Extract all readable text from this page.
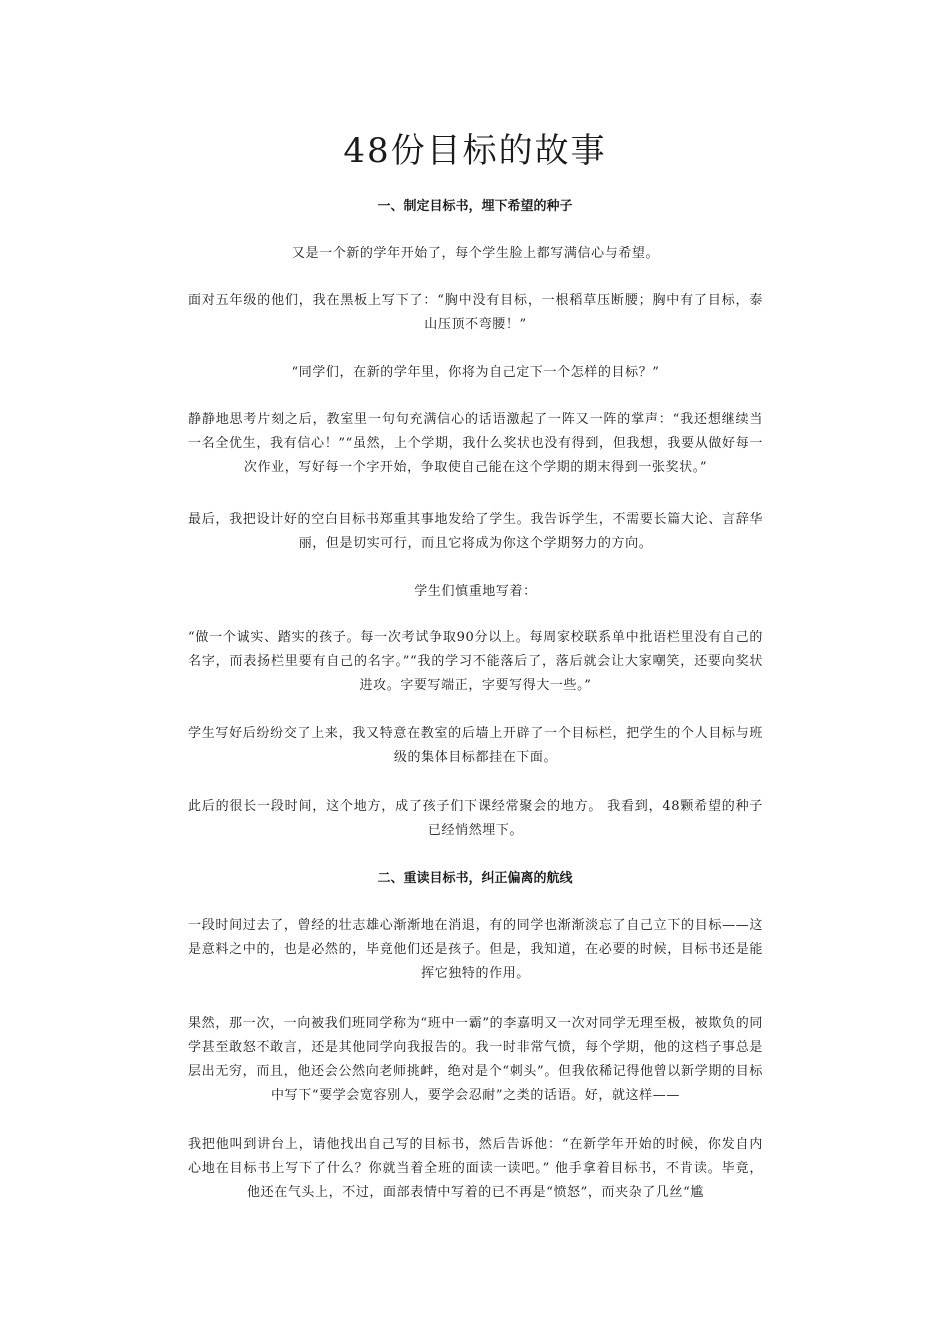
48份目标的故事
一、制定目标书，埋下希望的种子

又是一个新的学年开始了，每个学生脸上都写满信心与希望。

面对五年级的他们，我在黑板上写下了：“胸中没有目标，一根稻草压断腰；胸中有了目标，泰山压顶不弯腰！”

“同学们，在新的学年里，你将为自己定下一个怎样的目标？”

静静地思考片刻之后，教室里一句句充满信心的话语激起了一阵又一阵的掌声：“我还想继续当一名全优生，我有信心！”“虽然，上个学期，我什么奖状也没有得到，但我想，我要从做好每一次作业，写好每一个字开始，争取使自己能在这个学期的期末得到一张奖状。”

最后，我把设计好的空白目标书郑重其事地发给了学生。我告诉学生，不需要长篇大论、言辞华丽，但是切实可行，而且它将成为你这个学期努力的方向。

学生们慎重地写着：

“做一个诚实、踏实的孩子。每一次考试争取90分以上。每周家校联系单中批语栏里没有自己的名字，而表扬栏里要有自己的名字。”“我的学习不能落后了，落后就会让大家嘲笑，还要向奖状进攻。字要写端正，字要写得大一些。”

学生写好后纷纷交了上来，我又特意在教室的后墙上开辟了一个目标栏，把学生的个人目标与班级的集体目标都挂在下面。

此后的很长一段时间，这个地方，成了孩子们下课经常聚会的地方。 我看到，48颗希望的种子已经悄然埋下。

二、重读目标书，纠正偏离的航线

一段时间过去了，曾经的壮志雄心渐渐地在消退，有的同学也渐渐淡忘了自己立下的目标——这是意料之中的，也是必然的，毕竟他们还是孩子。但是，我知道，在必要的时候，目标书还是能挥它独特的作用。

果然，那一次，一向被我们班同学称为“班中一霸”的李嘉明又一次对同学无理至极，被欺负的同学甚至敢怒不敢言，还是其他同学向我报告的。我一时非常气愤，每个学期，他的这档子事总是层出无穷，而且，他还会公然向老师挑衅，绝对是个“刺头”。但我依稀记得他曾以新学期的目标中写下“要学会宽容别人，要学会忍耐”之类的话语。好，就这样——

我把他叫到讲台上，请他找出自己写的目标书，然后告诉他：“在新学年开始的时候，你发自内心地在目标书上写下了什么？你就当着全班的面读一读吧。” 他手拿着目标书，不肯读。毕竟，他还在气头上，不过，面部表情中写着的已不再是“愤怒”，而夹杂了几丝“尴
